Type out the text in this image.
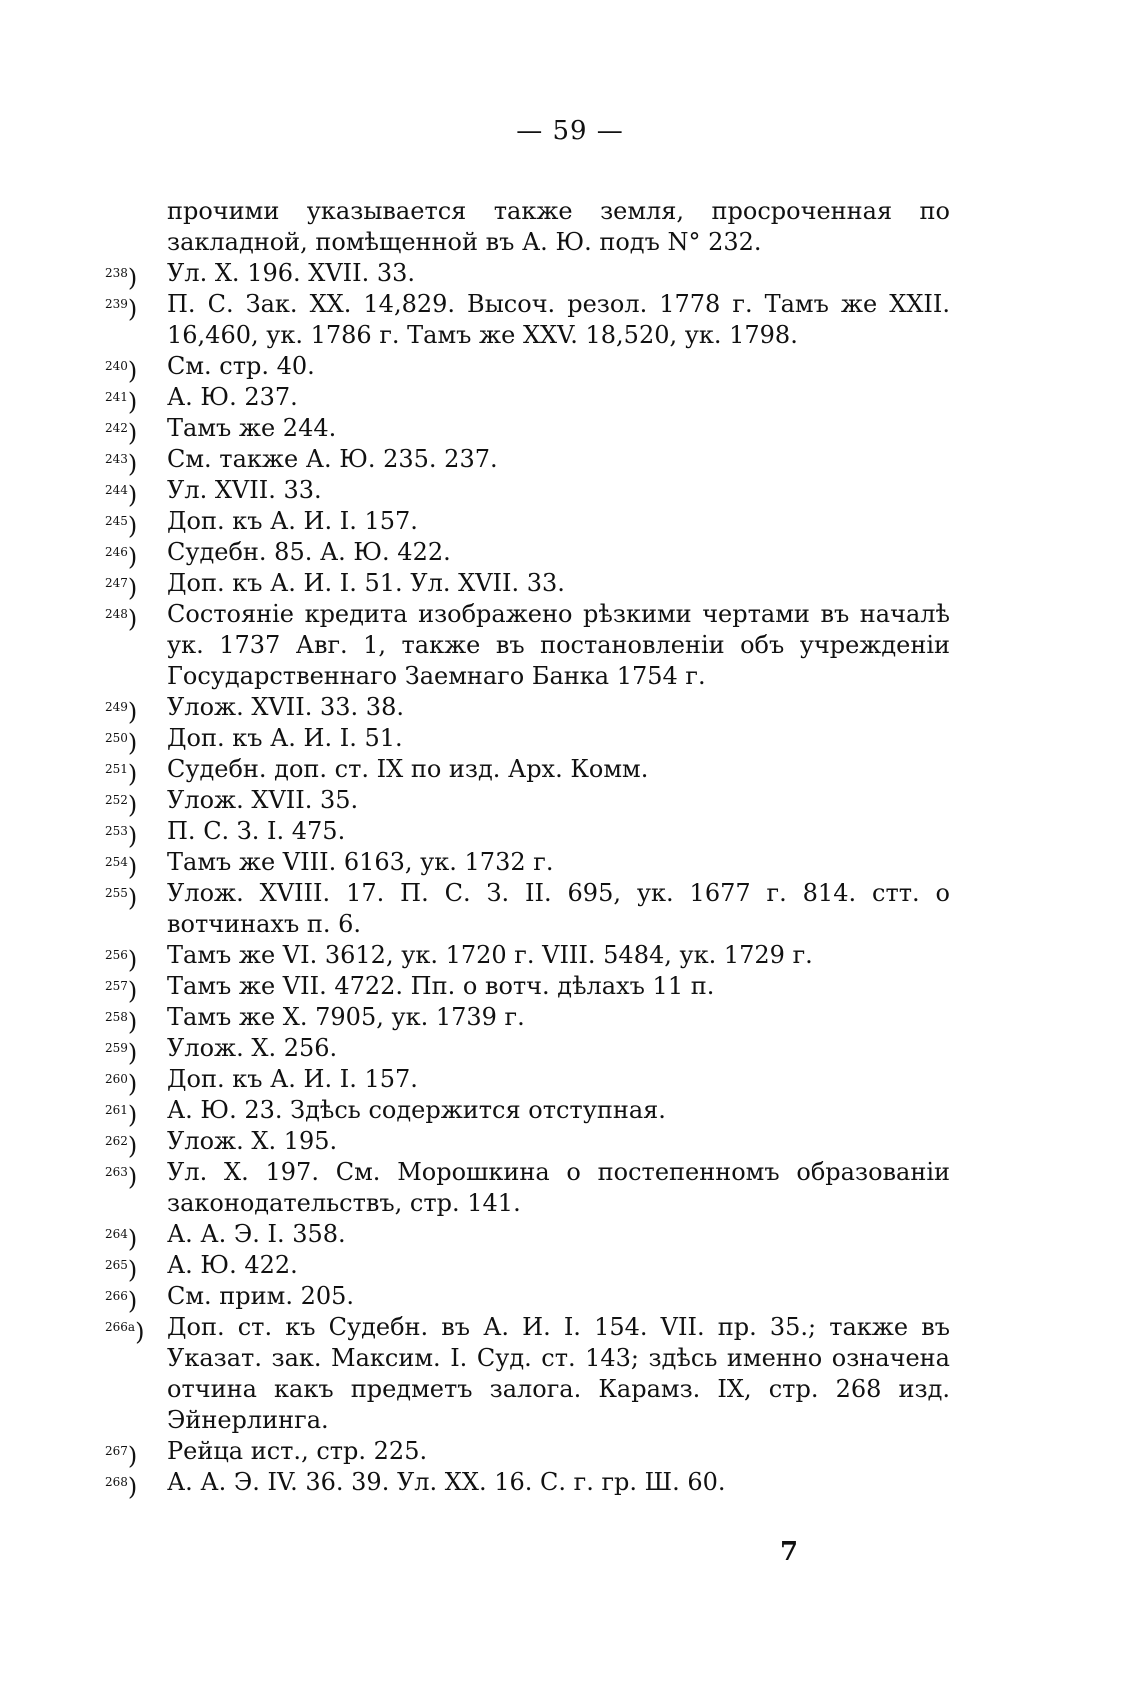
— 59 —
прочими указывается также земля, просроченная по закладной, помѣщенной въ А. Ю. подъ N° 232.
$^{238}$)	Ул. X. 196. XVII. 33.
$^{239}$)	П. С. Зак. XX. 14,829. Высоч. резол. 1778 г. Тамъ же XXII. 16,460, ук. 1786 г. Тамъ же XXV. 18,520, ук. 1798.
$^{240}$)	См. стр. 40.
$^{241}$)	А. Ю. 237.
$^{242}$)	Тамъ же 244.
$^{243}$)	См. также А. Ю. 235. 237.
$^{244}$)	Ул. XVII. 33.
$^{245}$)	Доп. къ А. И. I. 157.
$^{246}$)	Судебн. 85. А. Ю. 422.
$^{247}$)	Доп. къ А. И. I. 51. Ул. XVII. 33.
$^{248}$)	Состояніе кредита изображено рѣзкими чертами въ началѣ ук. 1737 Авг. 1, также въ постановленіи объ учрежденіи Государственнаго Заемнаго Банка 1754 г.
$^{249}$)	Улож. XVII. 33. 38.
$^{250}$)	Доп. къ А. И. I. 51.
$^{251}$)	Судебн. доп. ст. IX по изд. Арх. Комм.
$^{252}$)	Улож. XVII. 35.
$^{253}$)	П. С. З. I. 475.
$^{254}$)	Тамъ же VIII. 6163, ук. 1732 г.
$^{255}$)	Улож. XVIII. 17. П. С. З. II. 695, ук. 1677 г. 814. стт. о вотчинахъ п. 6.
$^{256}$)	Тамъ же VI. 3612, ук. 1720 г. VIII. 5484, ук. 1729 г.
$^{257}$)	Тамъ же VII. 4722. Пп. о вотч. дѣлахъ 11 п.
$^{258}$)	Тамъ же X. 7905, ук. 1739 г.
$^{259}$)	Улож. X. 256.
$^{260}$)	Доп. къ А. И. I. 157.
$^{261}$)	А. Ю. 23. Здѣсь содержится отступная.
$^{262}$)	Улож. X. 195.
$^{263}$)	Ул. X. 197. См. Морошкина о постепенномъ образованіи законодательствъ, стр. 141.
$^{264}$)	А. А. Э. I. 358.
$^{265}$)	А. Ю. 422.
$^{266}$)	См. прим. 205.
$^{266a}$) Доп. ст. къ Судебн. въ А. И. I. 154. VII. пр. 35.; также въ Указат. зак. Максим. I. Суд. ст. 143; здѣсь именно означена отчина какъ предметъ залога. Карамз. IX, стр. 268 изд. Эйнерлинга.
$^{267}$)	Рейца ист., стр. 225.
$^{268}$)	А. А. Э. IV. 36. 39. Ул. XX. 16. С. г. гр. Ш. 60.
7
